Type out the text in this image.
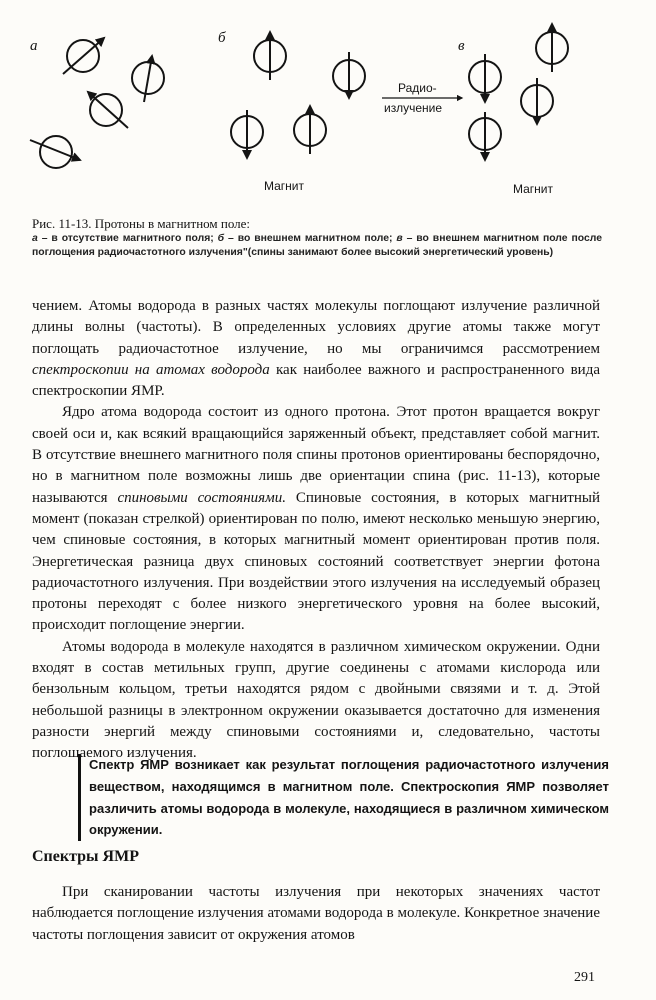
а	б	в
Радио-
излучение
Магнит	Магнит
Рис. 11-13. Протоны в магнитном поле:
а – в отсутствие магнитного поля; б – во внешнем магнитном поле; в – во внешнем магнитном поле после поглощения радиочастотного излучения"(спины занимают более высокий энергетический уровень)

чением. Атомы водорода в разных частях молекулы поглощают излучение различной длины волны (частоты). В определенных условиях другие атомы также могут поглощать радиочастотное излучение, но мы ограничимся рассмотрением спектроскопии на атомах водорода как наиболее важного и распространенного вида спектроскопии ЯМР.

Ядро атома водорода состоит из одного протона. Этот протон вращается вокруг своей оси и, как всякий вращающийся заряженный объект, представляет собой магнит. В отсутствие внешнего магнитного поля спины протонов ориентированы беспорядочно, но в магнитном поле возможны лишь две ориентации спина (рис. 11-13), которые называются спиновыми состояниями. Спиновые состояния, в которых магнитный момент (показан стрелкой) ориентирован по полю, имеют несколько меньшую энергию, чем спиновые состояния, в которых магнитный момент ориентирован против поля. Энергетическая разница двух спиновых состояний соответствует энергии фотона радиочастотного излучения. При воздействии этого излучения на исследуемый образец протоны переходят с более низкого энергетического уровня на более высокий, происходит поглощение энергии.

Атомы водорода в молекуле находятся в различном химическом окружении. Одни входят в состав метильных групп, другие соединены с атомами кислорода или бензольным кольцом, третьи находятся рядом с двойными связями и т. д. Этой небольшой разницы в электронном окружении оказывается достаточно для изменения разности энергий между спиновыми состояниями и, следовательно, частоты поглощаемого излучения.

Спектр ЯМР возникает как результат поглощения радиочастотного излучения веществом, находящимся в магнитном поле. Спектроскопия ЯМР позволяет различить атомы водорода в молекуле, находящиеся в различном химическом окружении.
Спектры ЯМР

При сканировании частоты излучения при некоторых значениях частот наблюдается поглощение излучения атомами водорода в молекуле. Конкретное значение частоты поглощения зависит от окружения атомов

291
